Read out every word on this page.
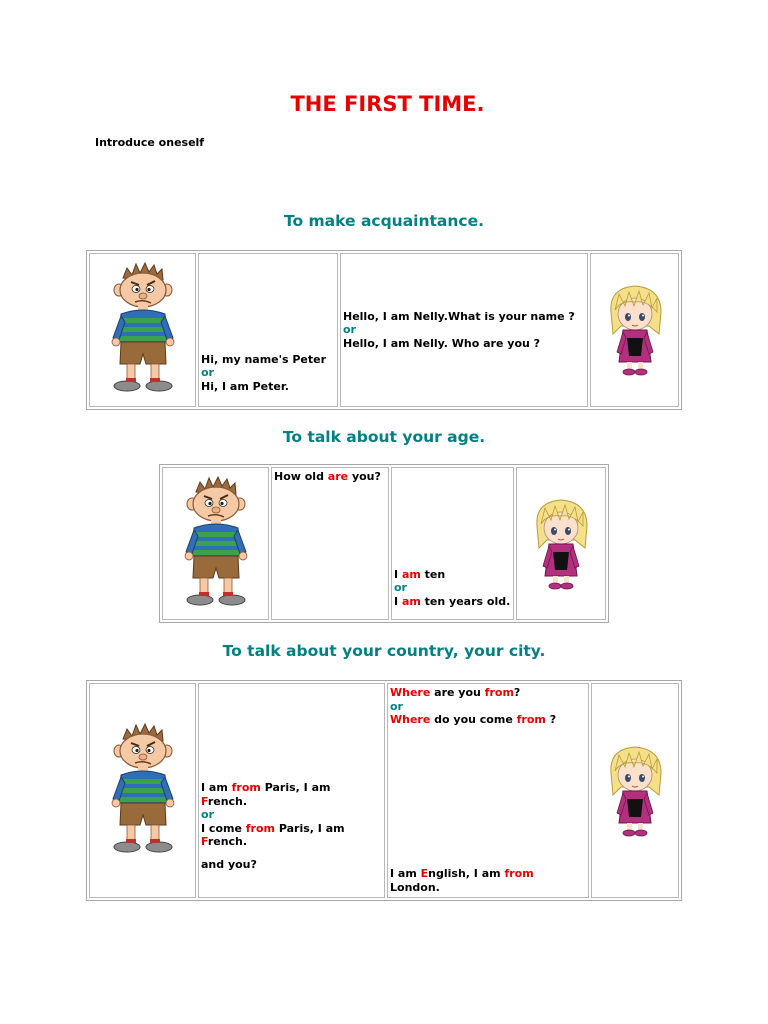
THE FIRST TIME.
Introduce oneself
To make acquaintance.

Hi, my name's Peter
or
Hi, I am Peter.

Hello, I am Nelly.What is your name ?
or
Hello, I am Nelly. Who are you ?

To talk about your age.

How old are you?

I am ten
or
I am ten years old.

To talk about your country, your city.

I am from Paris, I am
French.
or
I come from Paris, I am
French.
and you?

Where are you from?
or
Where do you come from ?
I am English, I am from
London.
